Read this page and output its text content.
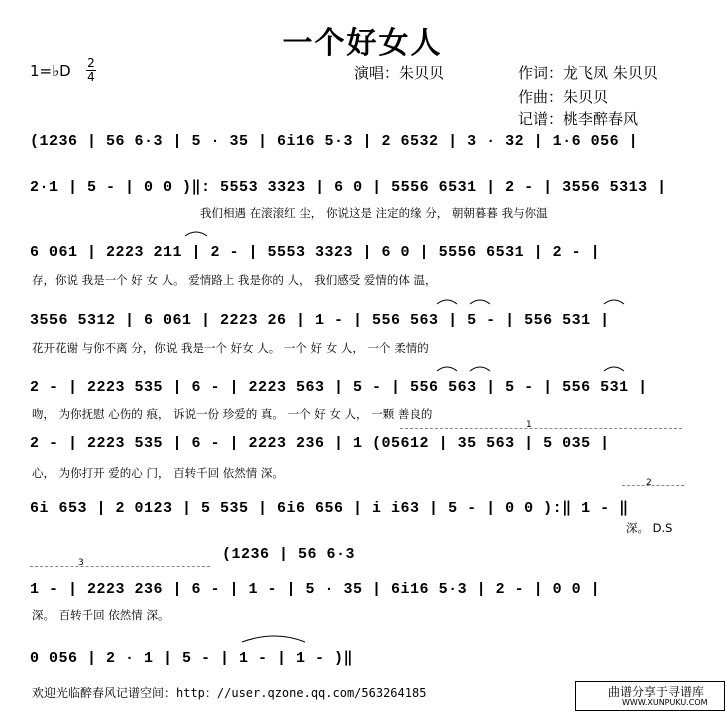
一个好女人
1=♭D 2
4	演唱：朱贝贝	作词：龙飞凤 朱贝贝
作曲：朱贝贝
记谱：桃李醉春风
(1236 | 56 6·3 | 5 · 35 | 6i16 5·3 | 2 6532 | 3 · 32 | 1·6 056 |
2·1 | 5 - | 0 0 )‖: 5553 3323 | 6 0 | 5556 6531 | 2 - | 3556 5313 |
我们相遇 在滚滚红 尘， 你说这是 注定的缘 分， 朝朝暮暮 我与你温
6 061 | 2223 211 | 2 - | 5553 3323 | 6 0 | 5556 6531 | 2 - |
存，你说 我是一个 好 女 人。 爱情路上 我是你的 人， 我们感受 爱情的体 温，
3556 5312 | 6 061 | 2223 26 | 1 - | 556 563 | 5 - | 556 531 |
花开花谢 与你不离 分，你说 我是一个 好女 人。 一个 好 女 人， 一个 柔情的
2 - | 2223 535 | 6 - | 2223 563 | 5 - | 556 563 | 5 - | 556 531 |
吻， 为你抚慰 心伤的 痕， 诉说一份 珍爱的 真。 一个 好 女 人， 一颗 善良的
1
2 - | 2223 535 | 6 - | 2223 236 | 1 (05612 | 35 563 | 5 035 |
心， 为你打开 爱的心 门， 百转千回 依然情 深。
2
6i 653 | 2 0123 | 5 535 | 6i6 656 | i i63 | 5 - | 0 0 ):‖ 1 - ‖
深。 D.S
(1236 | 56 6·3
3
1 - | 2223 236 | 6 - | 1 - | 5 · 35 | 6i16 5·3 | 2 - | 0 0 |
深。 百转千回 依然情 深。
0 056 | 2 · 1 | 5 - | 1 - | 1 - )‖
欢迎光临醉春风记谱空间：http：//user.qzone.qq.com/563264185	曲谱分享于寻谱库
WWW.XUNPUKU.COM
